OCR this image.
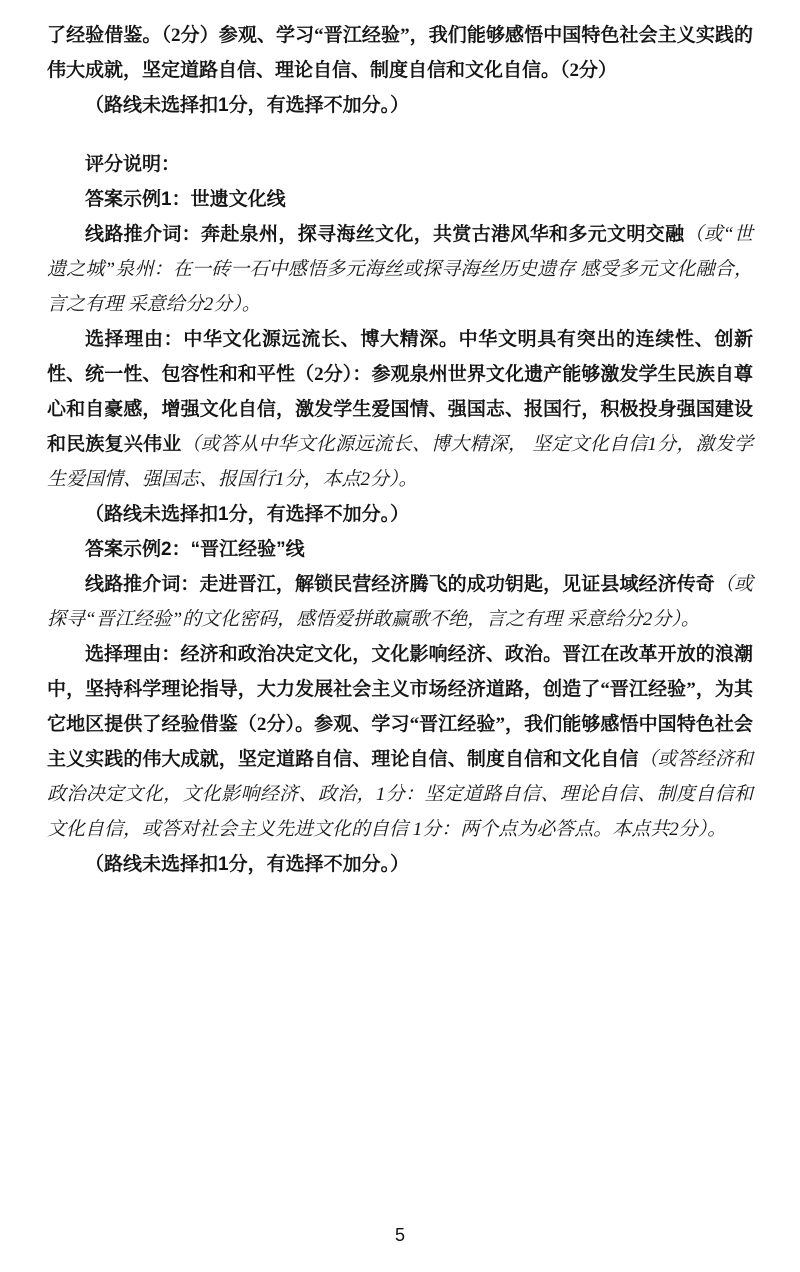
了经验借鉴。（2分）参观、学习“晋江经验”，我们能够感悟中国特色社会主义实践的伟大成就，坚定道路自信、理论自信、制度自信和文化自信。（2分）

（路线未选择扣1分，有选择不加分。）

评分说明：

答案示例1：世遗文化线

线路推介词：奔赴泉州，探寻海丝文化，共赏古港风华和多元文明交融（或“世遗之城”泉州：在一砖一石中感悟多元海丝或探寻海丝历史遗存 感受多元文化融合，言之有理 采意给分2分）。

选择理由：中华文化源远流长、博大精深。中华文明具有突出的连续性、创新性、统一性、包容性和和平性（2分）：参观泉州世界文化遗产能够激发学生民族自尊心和自豪感，增强文化自信，激发学生爱国情、强国志、报国行，积极投身强国建设和民族复兴伟业（或答从中华文化源远流长、博大精深， 坚定文化自信1分，激发学生爱国情、强国志、报国行1分，本点2分）。

（路线未选择扣1分，有选择不加分。）

答案示例2：“晋江经验”线

线路推介词：走进晋江，解锁民营经济腾飞的成功钥匙，见证县域经济传奇（或探寻“晋江经验”的文化密码，感悟爱拼敢赢歌不绝，言之有理 采意给分2分）。

选择理由：经济和政治决定文化，文化影响经济、政治。晋江在改革开放的浪潮中，坚持科学理论指导，大力发展社会主义市场经济道路，创造了“晋江经验”，为其它地区提供了经验借鉴（2分）。参观、学习“晋江经验”，我们能够感悟中国特色社会主义实践的伟大成就，坚定道路自信、理论自信、制度自信和文化自信（或答经济和政治决定文化，文化影响经济、政治，1分：坚定道路自信、理论自信、制度自信和文化自信，或答对社会主义先进文化的自信 1分：两个点为必答点。本点共2分）。

（路线未选择扣1分，有选择不加分。）

5
